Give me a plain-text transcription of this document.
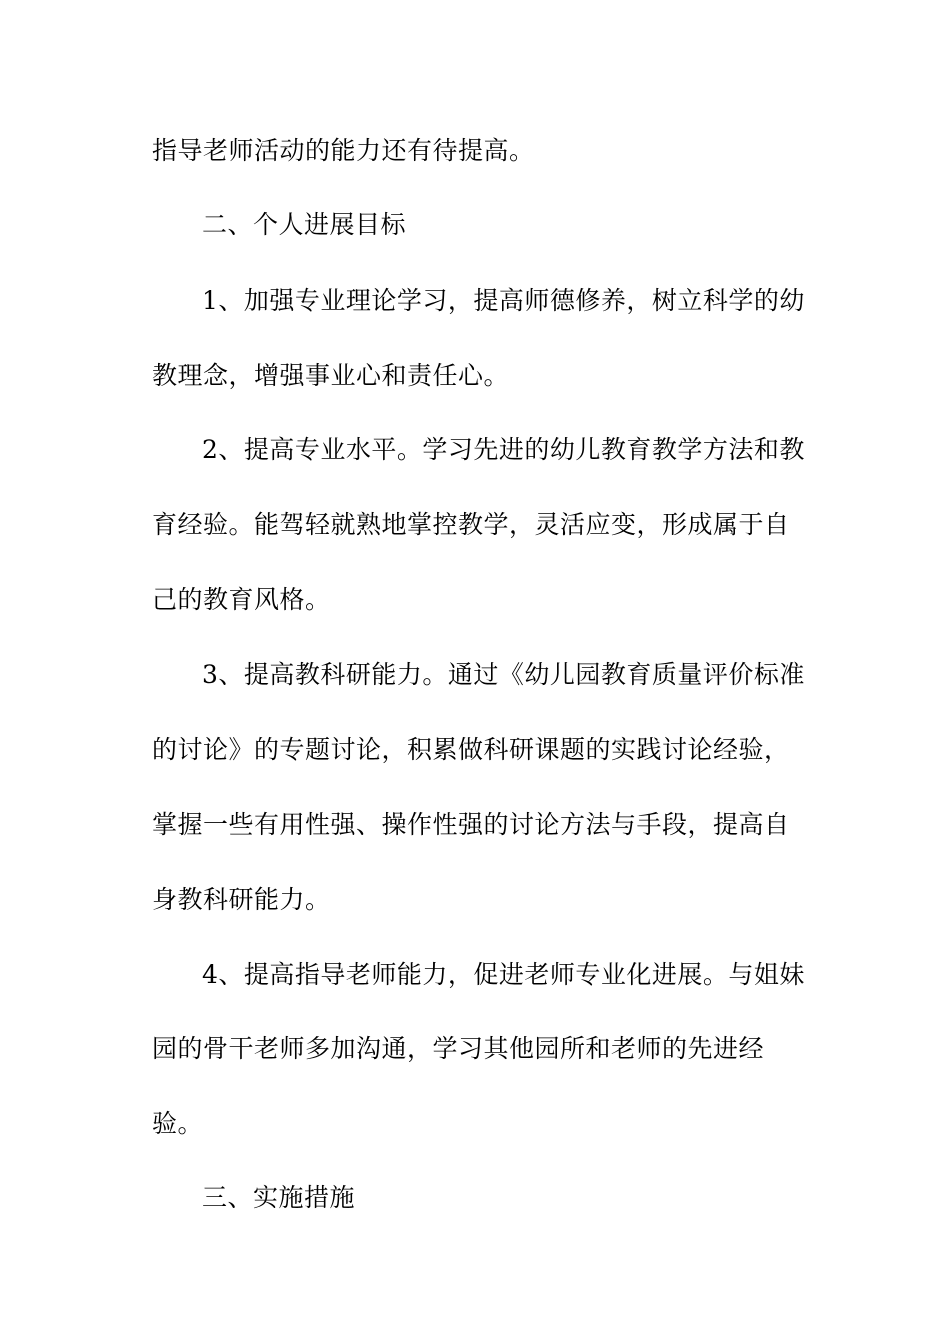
指导老师活动的能力还有待提高。
二、个人进展目标
1、加强专业理论学习，提高师德修养，树立科学的幼
教理念，增强事业心和责任心。
2、提高专业水平。学习先进的幼儿教育教学方法和教
育经验。能驾轻就熟地掌控教学，灵活应变，形成属于自
己的教育风格。
3、提高教科研能力。通过《幼儿园教育质量评价标准
的讨论》的专题讨论，积累做科研课题的实践讨论经验，
掌握一些有用性强、操作性强的讨论方法与手段，提高自
身教科研能力。
4、提高指导老师能力，促进老师专业化进展。与姐妹
园的骨干老师多加沟通，学习其他园所和老师的先进经
验。
三、实施措施
